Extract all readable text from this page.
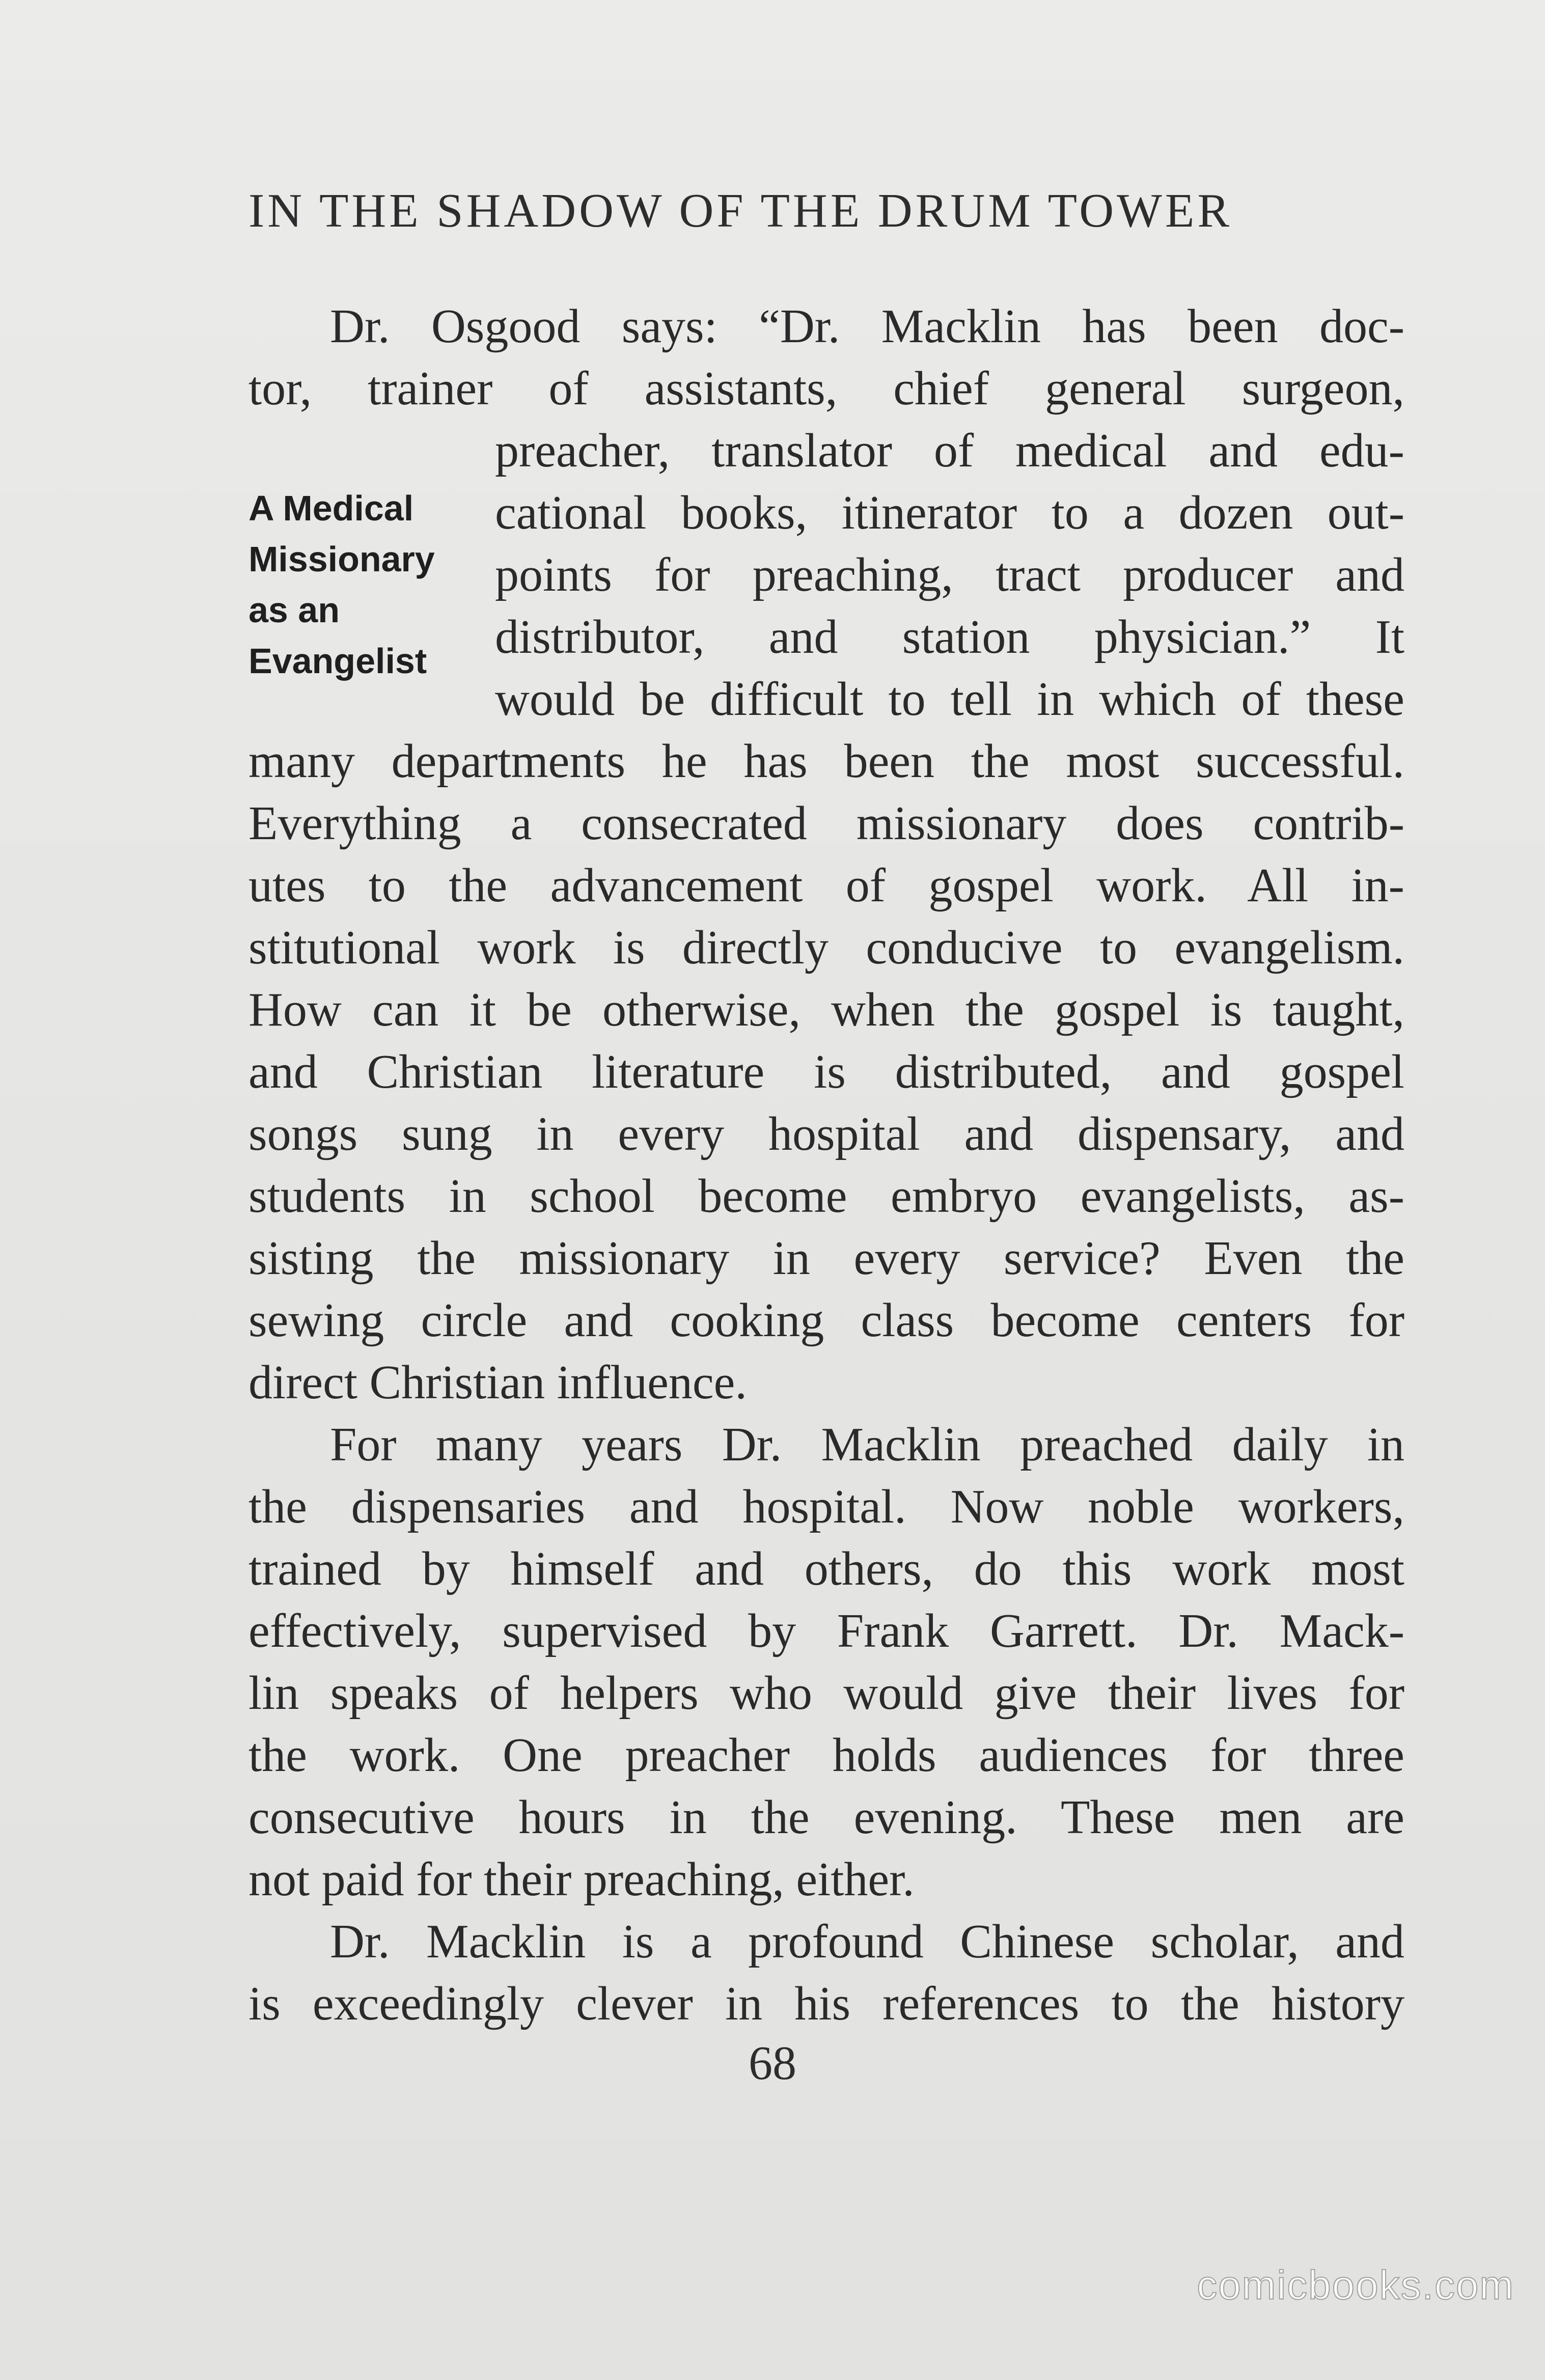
IN THE SHADOW OF THE DRUM TOWER
A Medical
Missionary
as an
Evangelist
Dr. Osgood says: “Dr. Macklin has been doc-
tor, trainer of assistants, chief general surgeon,
preacher, translator of medical and edu-
cational books, itinerator to a dozen out-
points for preaching, tract producer and
distributor, and station physician.” It
would be difficult to tell in which of these
many departments he has been the most successful.
Everything a consecrated missionary does contrib-
utes to the advancement of gospel work. All in-
stitutional work is directly conducive to evangelism.
How can it be otherwise, when the gospel is taught,
and Christian literature is distributed, and gospel
songs sung in every hospital and dispensary, and
students in school become embryo evangelists, as-
sisting the missionary in every service? Even the
sewing circle and cooking class become centers for
direct Christian influence.
For many years Dr. Macklin preached daily in
the dispensaries and hospital. Now noble workers,
trained by himself and others, do this work most
effectively, supervised by Frank Garrett. Dr. Mack-
lin speaks of helpers who would give their lives for
the work. One preacher holds audiences for three
consecutive hours in the evening. These men are
not paid for their preaching, either.
Dr. Macklin is a profound Chinese scholar, and
is exceedingly clever in his references to the history
68
comicbooks.com
